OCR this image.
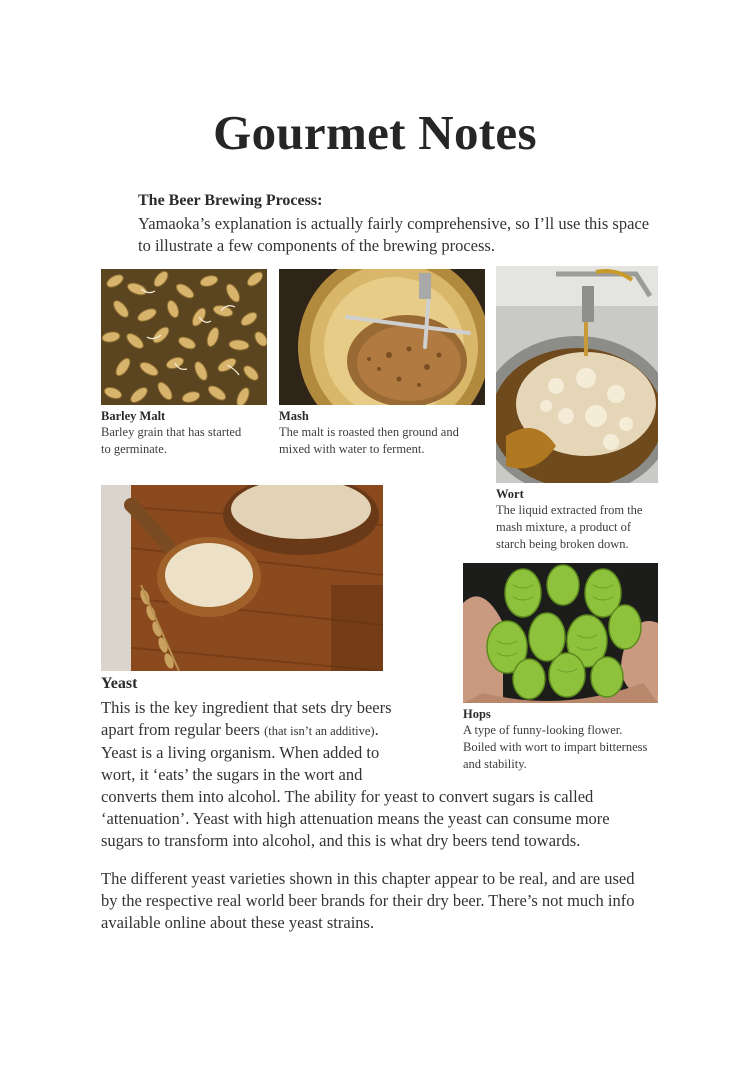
Gourmet Notes
The Beer Brewing Process:
Yamaoka’s explanation is actually fairly comprehensive, so I’ll use this space to illustrate a few components of the brewing process.
Barley Malt
Barley grain that has started
to germinate.
Mash
The malt is roasted then ground and
mixed with water to ferment.
Wort
The liquid extracted from the
mash mixture, a product of
starch being broken down.
Hops
A type of funny-looking flower.
Boiled with wort to impart bitterness
and stability.
Yeast
This is the key ingredient that sets dry beers
apart from regular beers (that isn’t an additive).
Yeast is a living organism. When added to
wort, it ‘eats’ the sugars in the wort and
converts them into alcohol. The ability for yeast to convert sugars is called
‘attenuation’. Yeast with high attenuation means the yeast can consume more
sugars to transform into alcohol, and this is what dry beers tend towards.
The different yeast varieties shown in this chapter appear to be real, and are used
by the respective real world beer brands for their dry beer. There’s not much info
available online about these yeast strains.
